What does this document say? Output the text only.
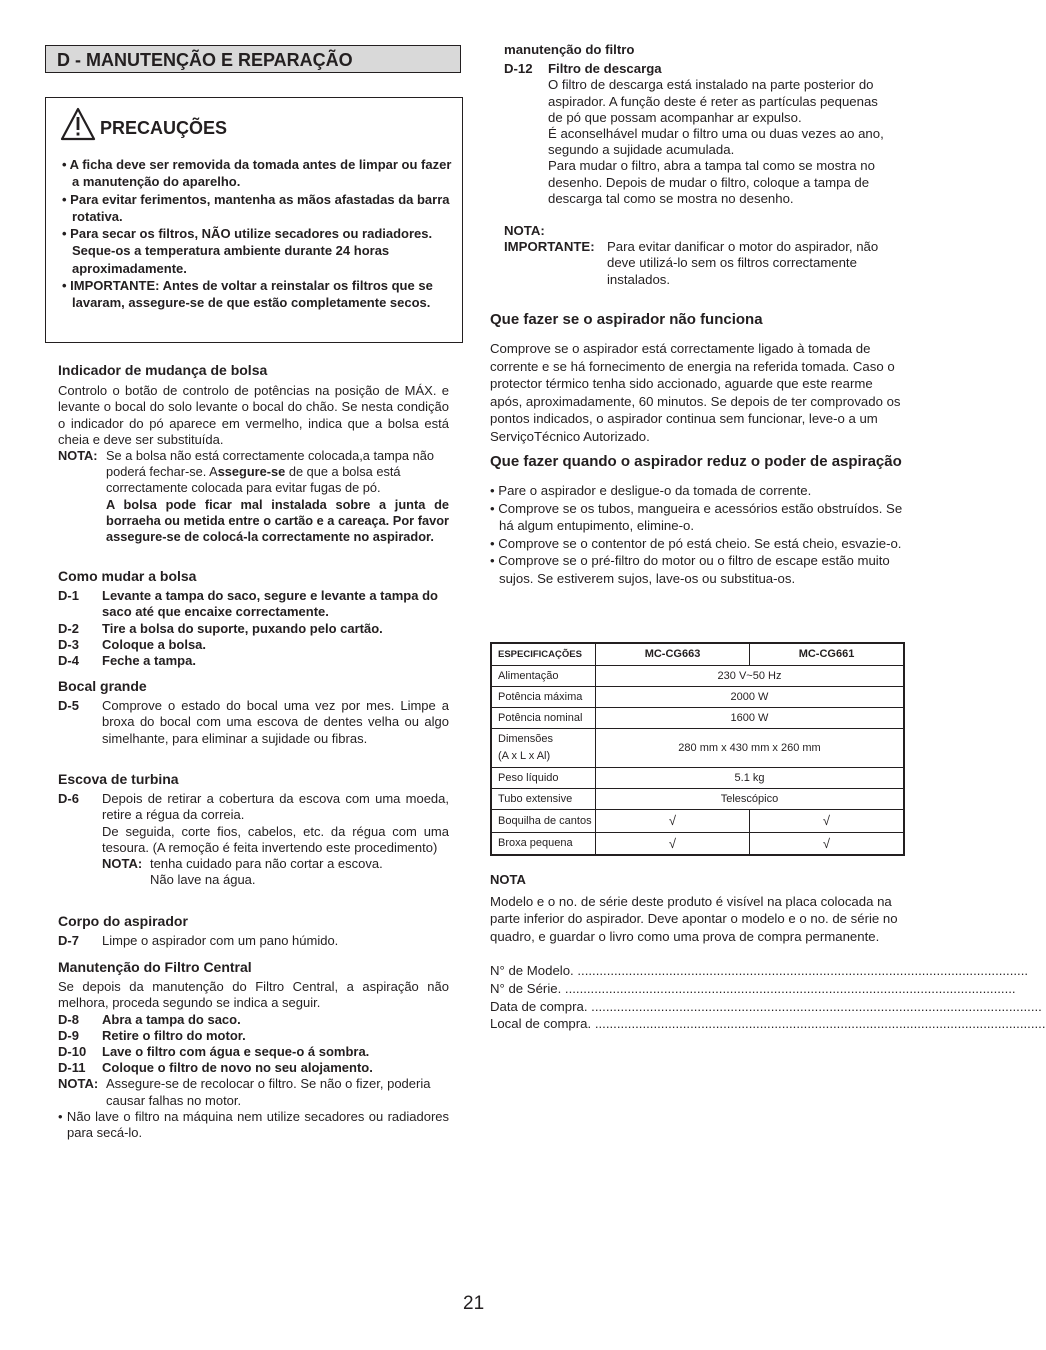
D - MANUTENÇÃO E REPARAÇÃO
PRECAUÇÕES

• A ficha deve ser removida da tomada antes de limpar ou fazer a manutenção do aparelho.

• Para evitar ferimentos, mantenha as mãos afastadas da barra rotativa.

• Para secar os filtros, NÃO utilize secadores ou radiadores. Seque-os a temperatura ambiente durante 24 horas aproximadamente.

• IMPORTANTE: Antes de voltar a reinstalar os filtros que se lavaram, assegure-se de que estão completamente secos.

Indicador de mudança de bolsa

Controlo o botão de controlo de potências na posição de MÁX. e levante o bocal do solo levante o bocal do chão. Se nesta condição o indicador do pó aparece em vermelho, indica que a bolsa está cheia e deve ser substituída.

NOTA: Se a bolsa não está correctamente colocada,a tampa não poderá fechar-se. Assegure-se de que a bolsa está correctamente colocada para evitar fugas de pó.

A bolsa pode ficar mal instalada sobre a junta de borraeha ou metida entre o cartão e a careaça. Por favor assegure-se de colocá-la correctamente no aspirador.

Como mudar a bolsa

D-1	Levante a tampa do saco, segure e levante a tampa do saco até que encaixe correctamente.

D-2	Tire a bolsa do suporte, puxando pelo cartão.

D-3	Coloque a bolsa.

D-4	Feche a tampa.

Bocal grande

D-5	Comprove o estado do bocal uma vez por mes. Limpe a broxa do bocal com uma escova de dentes velha ou algo simelhante, para eliminar a sujidade ou fibras.

Escova de turbina

D-6	Depois de retirar a cobertura da escova com uma moeda, retire a régua da correia.

De seguida, corte fios, cabelos, etc. da régua com uma tesoura. (A remoção é feita invertendo este procedimento)

NOTA: tenha cuidado para não cortar a escova.

Não lave na água.

Corpo do aspirador

D-7	Limpe o aspirador com um pano húmido.

Manutenção do Filtro Central

Se depois da manutenção do Filtro Central, a aspiração não melhora, proceda segundo se indica a seguir.

D-8	Abra a tampa do saco.

D-9	Retire o filtro do motor.

D-10	Lave o filtro com água e seque-o á sombra.

D-11	Coloque o filtro de novo no seu alojamento.

NOTA: Assegure-se de recolocar o filtro. Se não o fizer, poderia causar falhas no motor.

• Não lave o filtro na máquina nem utilize secadores ou radiadores para secá-lo.

manutenção do filtro

D-12	Filtro de descarga

O filtro de descarga está instalado na parte posterior do aspirador. A função deste é reter as partículas pequenas de pó que possam acompanhar ar expulso.

É aconselhável mudar o filtro uma ou duas vezes ao ano, segundo a sujidade acumulada.

Para mudar o filtro, abra a tampa tal como se mostra no desenho. Depois de mudar o filtro, coloque a tampa de descarga tal como se mostra no desenho.

NOTA:

IMPORTANTE: Para evitar danificar o motor do aspirador, não deve utilizá-lo sem os filtros correctamente instalados.

Que fazer se o aspirador não funciona

Comprove se o aspirador está correctamente ligado à tomada de corrente e se há fornecimento de energia na referida tomada. Caso o protector térmico tenha sido accionado, aguarde que este rearme após, aproximadamente, 60 minutos. Se depois de ter comprovado os pontos indicados, o aspirador continua sem funcionar, leve-o a um ServiçoTécnico Autorizado.

Que fazer quando o aspirador reduz o poder de aspiração

• Pare o aspirador e desligue-o da tomada de corrente.

• Comprove se os tubos, mangueira e acessórios estão obstruídos. Se há algum entupimento, elimine-o.

• Comprove se o contentor de pó está cheio. Se está cheio, esvazie-o.

• Comprove se o pré-filtro do motor ou o filtro de escape estão muito sujos. Se estiverem sujos, lave-os ou substitua-os.

ESPECIFICAÇÕES	MC-CG663	MC-CG661
Alimentação	230 V~50 Hz	
Potência máxima	2000 W	
Potência nominal	1600 W	

Dimensões
(A x L x Al)	280 mm x 430 mm x 260 mm	
Peso líquido	5.1 kg	
Tubo extensive	Telescópico	
Boquilha de cantos	√	√
Broxa pequena	√	√

NOTA

Modelo e o no. de série deste produto é visível na placa colocada na parte inferior do aspirador. Deve apontar o modelo e o no. de série no quadro, e guardar o livro como uma prova de compra permanente.

N° de Modelo. ...........................................................................................................................
N° de Série. ...........................................................................................................................
Data de compra. ...........................................................................................................................
Local de compra. ...........................................................................................................................
21
